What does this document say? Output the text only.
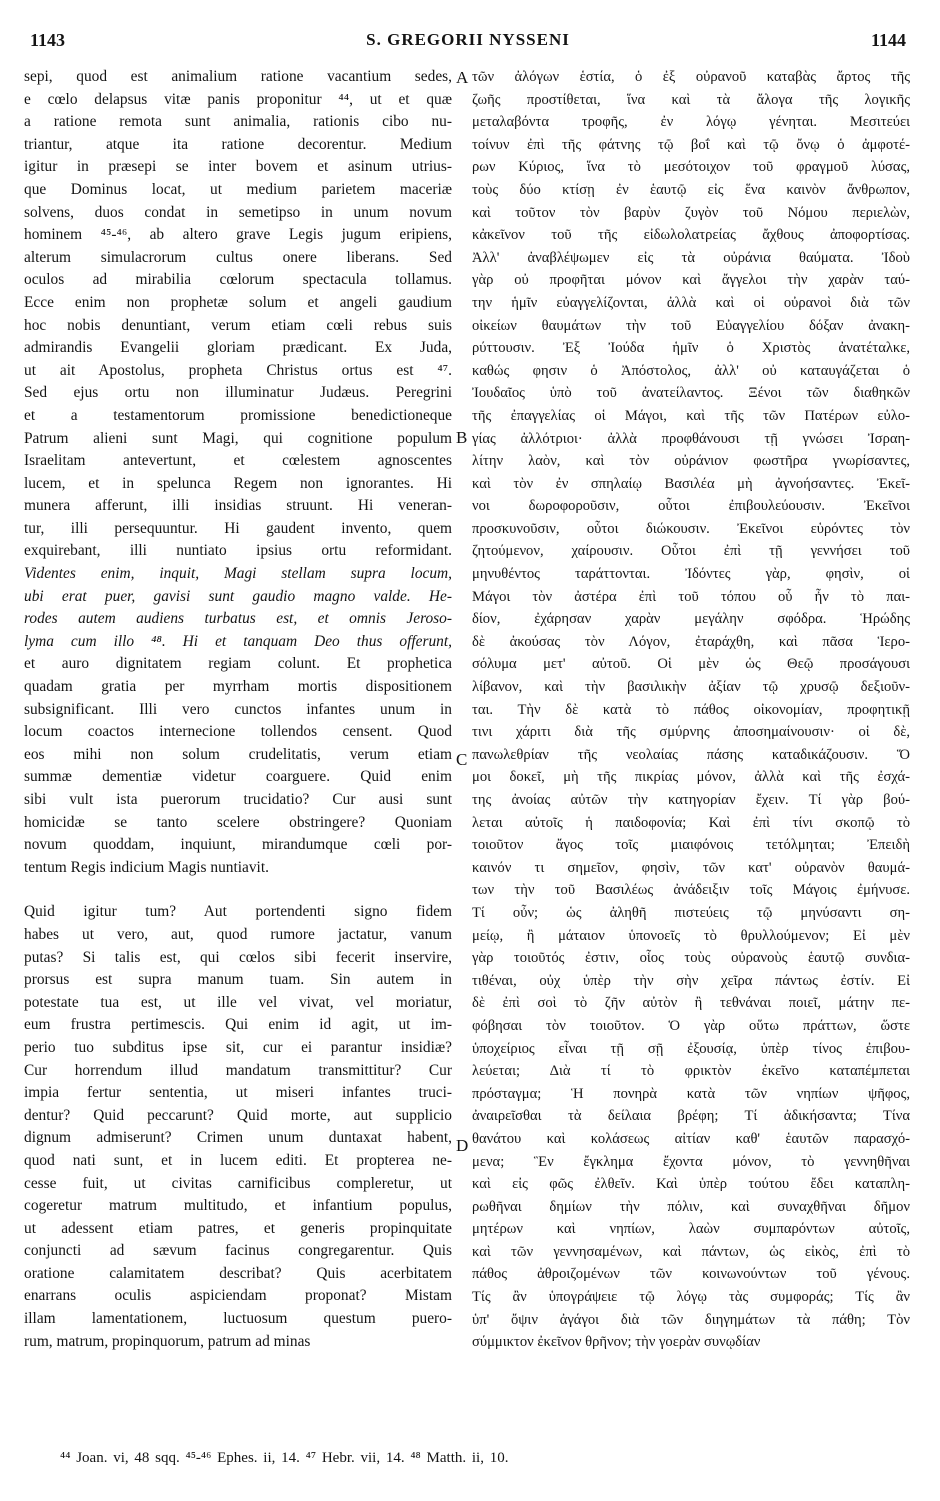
1143	S. GREGORII NYSSENI	1144
sepi, quod est animalium ratione vacantium sedes,
e cœlo delapsus vitæ panis proponitur ⁴⁴, ut et quæ
a ratione remota sunt animalia, rationis cibo nu-
triantur, atque ita ratione decorentur. Medium
igitur in præsepi se inter bovem et asinum utrius-
que Dominus locat, ut medium parietem maceriæ
solvens, duos condat in semetipso in unum novum
hominem ⁴⁵-⁴⁶, ab altero grave Legis jugum eripiens,
alterum simulacrorum cultus onere liberans. Sed
oculos ad mirabilia cœlorum spectacula tollamus.
Ecce enim non prophetæ solum et angeli gaudium
hoc nobis denuntiant, verum etiam cœli rebus suis
admirandis Evangelii gloriam prædicant. Ex Juda,
ut ait Apostolus, propheta Christus ortus est ⁴⁷.
Sed ejus ortu non illuminatur Judæus. Peregrini
et a testamentorum promissione benedictioneque
Patrum alieni sunt Magi, qui cognitione populum
Israelitam antevertunt, et cœlestem agnoscentes
lucem, et in spelunca Regem non ignorantes. Hi
munera afferunt, illi insidias struunt. Hi veneran-
tur, illi persequuntur. Hi gaudent invento, quem
exquirebant, illi nuntiato ipsius ortu reformidant.
Videntes enim, inquit, Magi stellam supra locum,
ubi erat puer, gavisi sunt gaudio magno valde. He-
rodes autem audiens turbatus est, et omnis Jeroso-
lyma cum illo ⁴⁸. Hi et tanquam Deo thus offerunt,
et auro dignitatem regiam colunt. Et prophetica
quadam gratia per myrrham mortis dispositionem
subsignificant. Illi vero cunctos infantes unum in
locum coactos internecione tollendos censent. Quod
eos mihi non solum crudelitatis, verum etiam
summæ dementiæ videtur coarguere. Quid enim
sibi vult ista puerorum trucidatio? Cur ausi sunt
homicidæ se tanto scelere obstringere? Quoniam
novum quoddam, inquiunt, mirandumque cœli por-
tentum Regis indicium Magis nuntiavit.
Quid igitur tum? Aut portendenti signo fidem
habes ut vero, aut, quod rumore jactatur, vanum
putas? Si talis est, qui cœlos sibi fecerit inservire,
prorsus est supra manum tuam. Sin autem in
potestate tua est, ut ille vel vivat, vel moriatur,
eum frustra pertimescis. Qui enim id agit, ut im-
perio tuo subditus ipse sit, cur ei parantur insidiæ?
Cur horrendum illud mandatum transmittitur? Cur
impia fertur sententia, ut miseri infantes truci-
dentur? Quid peccarunt? Quid morte, aut supplicio
dignum admiserunt? Crimen unum duntaxat habent,
quod nati sunt, et in lucem editi. Et propterea ne-
cesse fuit, ut civitas carnificibus compleretur, ut
cogeretur matrum multitudo, et infantium populus,
ut adessent etiam patres, et generis propinquitate
conjuncti ad sævum facinus congregarentur. Quis
oratione calamitatem describat? Quis acerbitatem
enarrans oculis aspiciendam proponat? Mistam
illam lamentationem, luctuosum questum puero-
rum, matrum, propinquorum, patrum ad minas
τῶν ἀλόγων ἑστία, ὁ ἐξ οὐρανοῦ καταβὰς ἄρτος τῆς
ζωῆς προστίθεται, ἵνα καὶ τὰ ἄλογα τῆς λογικῆς
μεταλαβόντα τροφῆς, ἐν λόγῳ γένηται. Μεσιτεύει
τοίνυν ἐπὶ τῆς φάτνης τῷ βοΐ καὶ τῷ ὄνῳ ὁ ἀμφοτέ-
ρων Κύριος, ἵνα τὸ μεσότοιχον τοῦ φραγμοῦ λύσας,
τοὺς δύο κτίσῃ ἐν ἑαυτῷ εἰς ἕνα καινὸν ἄνθρωπον,
καὶ τοῦτον τὸν βαρὺν ζυγὸν τοῦ Νόμου περιελὼν,
κἀκεῖνον τοῦ τῆς εἰδωλολατρείας ἄχθους ἀποφορτίσας.
Ἀλλ' ἀναβλέψωμεν εἰς τὰ οὐράνια θαύματα. Ἰδοὺ
γὰρ οὐ προφῆται μόνον καὶ ἄγγελοι τὴν χαρὰν ταύ-
την ἡμῖν εὐαγγελίζονται, ἀλλὰ καὶ οἱ οὐρανοὶ διὰ τῶν
οἰκείων θαυμάτων τὴν τοῦ Εὐαγγελίου δόξαν ἀνακη-
ρύττουσιν. Ἐξ Ἰούδα ἡμῖν ὁ Χριστὸς ἀνατέταλκε,
καθώς φησιν ὁ Ἀπόστολος, ἀλλ' οὐ καταυγάζεται ὁ
Ἰουδαῖος ὑπὸ τοῦ ἀνατείλαντος. Ξένοι τῶν διαθηκῶν
τῆς ἐπαγγελίας οἱ Μάγοι, καὶ τῆς τῶν Πατέρων εὐλο-
γίας ἀλλότριοι· ἀλλὰ προφθάνουσι τῇ γνώσει Ἰσραη-
λίτην λαὸν, καὶ τὸν οὐράνιον φωστῆρα γνωρίσαντες,
καὶ τὸν ἐν σπηλαίῳ Βασιλέα μὴ ἀγνοήσαντες. Ἐκεῖ-
νοι δωροφοροῦσιν, οὗτοι ἐπιβουλεύουσιν. Ἐκεῖνοι
προσκυνοῦσιν, οὗτοι διώκουσιν. Ἐκεῖνοι εὑρόντες τὸν
ζητούμενον, χαίρουσιν. Οὗτοι ἐπὶ τῇ γεννήσει τοῦ
μηνυθέντος ταράττονται. Ἰδόντες γὰρ, φησὶν, οἱ
Μάγοι τὸν ἀστέρα ἐπὶ τοῦ τόπου οὗ ἦν τὸ παι-
δίον, ἐχάρησαν χαρὰν μεγάλην σφόδρα. Ἡρώδης
δὲ ἀκούσας τὸν Λόγον, ἐταράχθη, καὶ πᾶσα Ἱερο-
σόλυμα μετ' αὐτοῦ. Οἱ μὲν ὡς Θεῷ προσάγουσι
λίβανον, καὶ τὴν βασιλικὴν ἀξίαν τῷ χρυσῷ δεξιοῦν-
ται. Τὴν δὲ κατὰ τὸ πάθος οἰκονομίαν, προφητικῇ
τινι χάριτι διὰ τῆς σμύρνης ἀποσημαίνουσιν· οἱ δὲ,
πανωλεθρίαν τῆς νεολαίας πάσης καταδικάζουσιν. Ὅ
μοι δοκεῖ, μὴ τῆς πικρίας μόνον, ἀλλὰ καὶ τῆς ἐσχά-
της ἀνοίας αὐτῶν τὴν κατηγορίαν ἔχειν. Τί γὰρ βού-
λεται αὐτοῖς ἡ παιδοφονία; Καὶ ἐπὶ τίνι σκοπῷ τὸ
τοιοῦτον ἄγος τοῖς μιαιφόνοις τετόλμηται; Ἐπειδὴ
καινόν τι σημεῖον, φησὶν, τῶν κατ' οὐρανὸν θαυμά-
των τὴν τοῦ Βασιλέως ἀνάδειξιν τοῖς Μάγοις ἐμήνυσε.
Τί οὖν; ὡς ἀληθῆ πιστεύεις τῷ μηνύσαντι ση-
μείῳ, ἢ μάταιον ὑπονοεῖς τὸ θρυλλούμενον; Εἰ μὲν
γὰρ τοιοῦτός ἐστιν, οἷος τοὺς οὐρανοὺς ἑαυτῷ συνδια-
τιθέναι, οὐχ ὑπὲρ τὴν σὴν χεῖρα πάντως ἐστίν. Εἰ
δὲ ἐπὶ σοὶ τὸ ζῆν αὐτὸν ἢ τεθνάναι ποιεῖ, μάτην πε-
φόβησαι τὸν τοιοῦτον. Ὁ γὰρ οὕτω πράττων, ὥστε
ὑποχείριος εἶναι τῇ σῇ ἐξουσίᾳ, ὑπὲρ τίνος ἐπιβου-
λεύεται; Διὰ τί τὸ φρικτὸν ἐκεῖνο καταπέμπεται
πρόσταγμα; Ἡ πονηρὰ κατὰ τῶν νηπίων ψῆφος,
ἀναιρεῖσθαι τὰ δείλαια βρέφη; Τί ἀδικήσαντα; Τίνα
θανάτου καὶ κολάσεως αἰτίαν καθ' ἑαυτῶν παρασχό-
μενα; Ἓν ἔγκλημα ἔχοντα μόνον, τὸ γεννηθῆναι
καὶ εἰς φῶς ἐλθεῖν. Καὶ ὑπὲρ τούτου ἔδει καταπλη-
ρωθῆναι δημίων τὴν πόλιν, καὶ συναχθῆναι δῆμον
μητέρων καὶ νηπίων, λαὼν συμπαρόντων αὐτοῖς,
καὶ τῶν γεννησαμένων, καὶ πάντων, ὡς εἰκὸς, ἐπὶ τὸ
πάθος ἀθροιζομένων τῶν κοινωνούντων τοῦ γένους.
Τίς ἂν ὑπογράψειε τῷ λόγῳ τὰς συμφοράς; Τίς ἂν
ὑπ' ὄψιν ἀγάγοι διὰ τῶν διηγημάτων τὰ πάθη; Τὸν
σύμμικτον ἐκεῖνον θρῆνον; τὴν γοερὰν συνῳδίαν
A
B
C
D
⁴⁴ Joan. vi, 48 sqq. ⁴⁵-⁴⁶ Ephes. ii, 14. ⁴⁷ Hebr. vii, 14. ⁴⁸ Matth. ii, 10.
